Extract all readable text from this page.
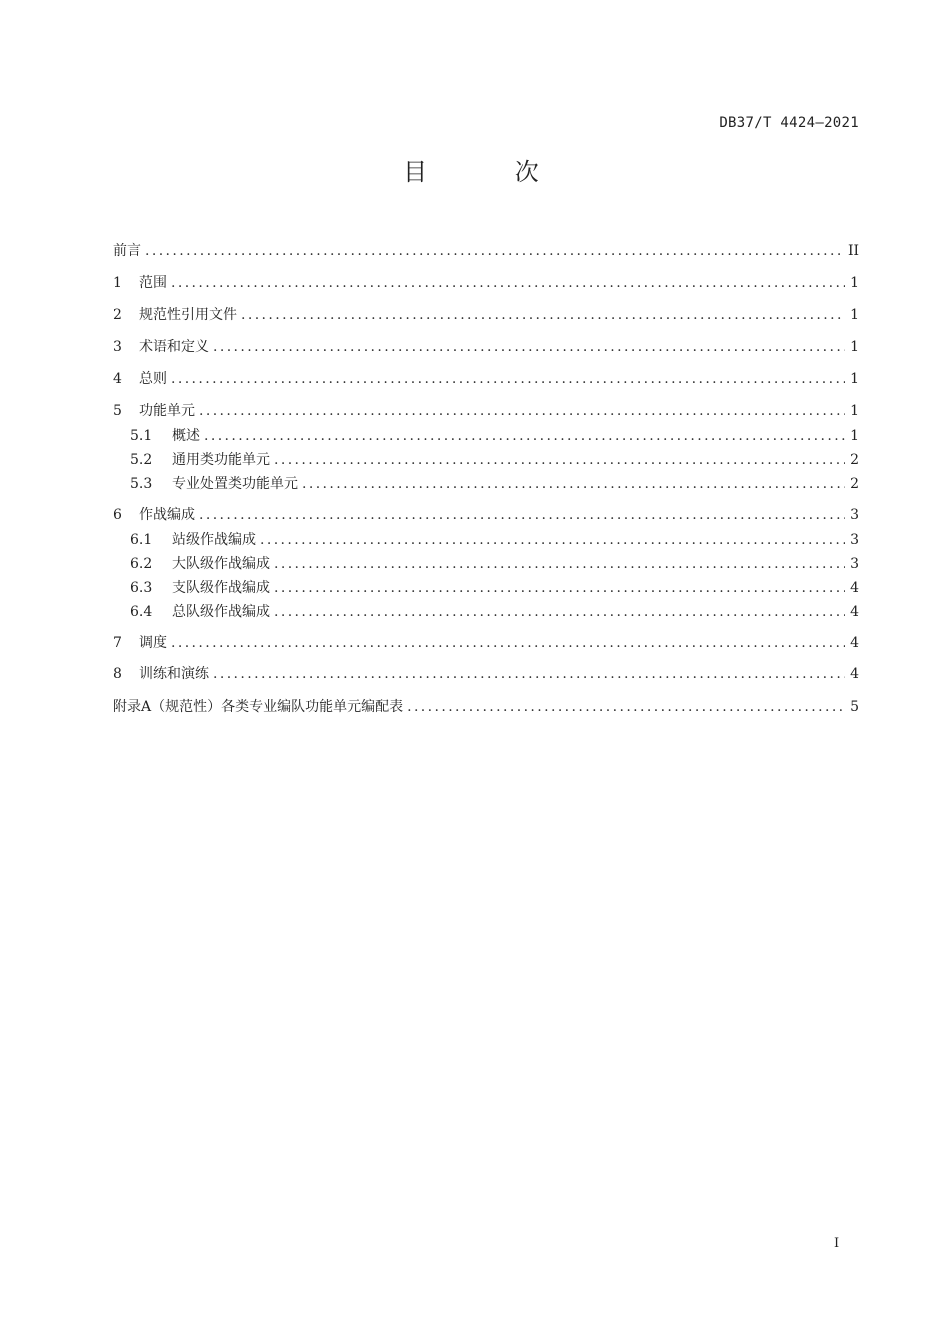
DB37/T 4424—2021
目 次
前言 .....	II
1	范围 .....	1
2	规范性引用文件 .....	1
3	术语和定义 .....	1
4	总则 .....	1
5	功能单元 .....	1
5.1	概述 .....	1
5.2	通用类功能单元 .....	2
5.3	专业处置类功能单元 .....	2
6	作战编成 .....	3
6.1	站级作战编成 .....	3
6.2	大队级作战编成 .....	3
6.3	支队级作战编成 .....	4
6.4	总队级作战编成 .....	4
7	调度 .....	4
8	训练和演练 .....	4
附录A（规范性）各类专业编队功能单元编配表 .....	5
I
